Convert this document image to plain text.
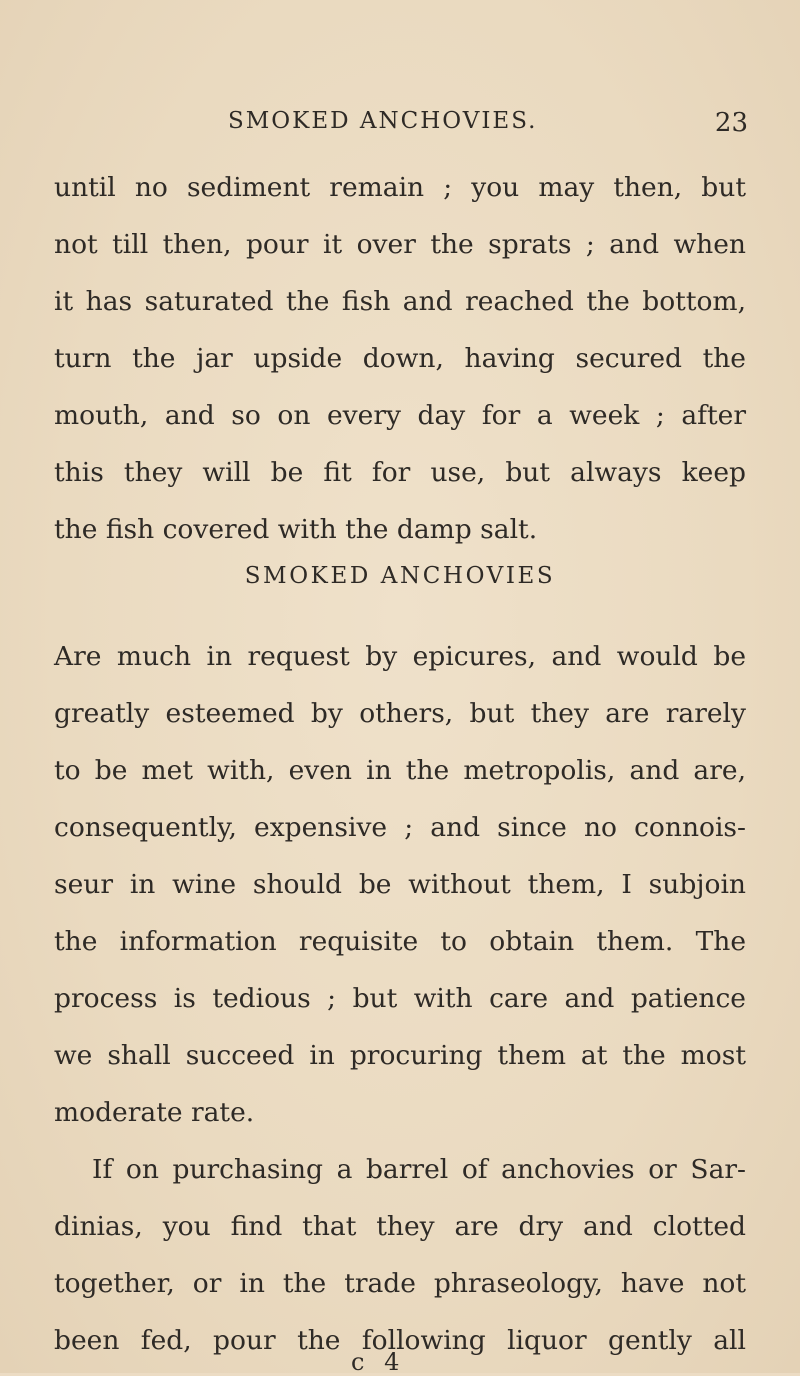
SMOKED ANCHOVIES.	23
until no sediment remain ; you may then, but
not till then, pour it over the sprats ; and when
it has saturated the fish and reached the bottom,
turn the jar upside down, having secured the
mouth, and so on every day for a week ; after
this they will be fit for use, but always keep
the fish covered with the damp salt.
SMOKED ANCHOVIES
Are much in request by epicures, and would be
greatly esteemed by others, but they are rarely
to be met with, even in the metropolis, and are,
consequently, expensive ; and since no connois-
seur in wine should be without them, I subjoin
the information requisite to obtain them. The
process is tedious ; but with care and patience
we shall succeed in procuring them at the most
moderate rate.
If on purchasing a barrel of anchovies or Sar-
dinias, you find that they are dry and clotted
together, or in the trade phraseology, have not
been fed, pour the following liquor gently all
c 4
